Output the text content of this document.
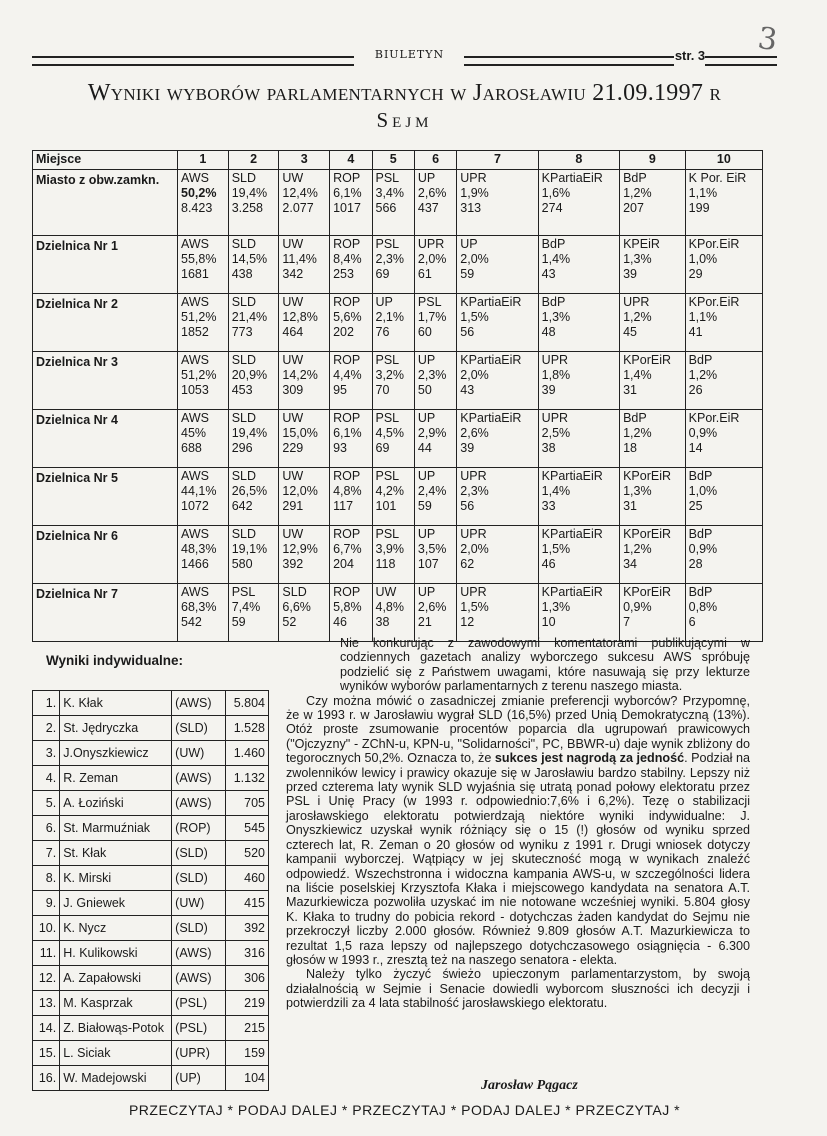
3
BIULETYN	str. 3
Wyniki wyborów parlamentarnych w Jarosławiu 21.09.1997 r
Sejm
Miejsce	1	2	3	4	5	6	7	8	9	10
Miasto z obw.zamkn.	AWS
50,2%
8.423	SLD
19,4%
3.258	UW
12,4%
2.077	ROP
6,1%
1017	PSL
3,4%
566	UP
2,6%
437	UPR
1,9%
313	KPartiaEiR
1,6%
274	BdP
1,2%
207	K Por. EiR
1,1%
199

Dzielnica Nr 1	AWS
55,8%
1681	SLD
14,5%
438	UW
11,4%
342	ROP
8,4%
253	PSL
2,3%
69	UPR
2,0%
61	UP
2,0%
59	BdP
1,4%
43	KPEiR
1,3%
39	KPor.EiR
1,0%
29

Dzielnica Nr 2	AWS
51,2%
1852	SLD
21,4%
773	UW
12,8%
464	ROP
5,6%
202	UP
2,1%
76	PSL
1,7%
60	KPartiaEiR
1,5%
56	BdP
1,3%
48	UPR
1,2%
45	KPor.EiR
1,1%
41

Dzielnica Nr 3	AWS
51,2%
1053	SLD
20,9%
453	UW
14,2%
309	ROP
4,4%
95	PSL
3,2%
70	UP
2,3%
50	KPartiaEiR
2,0%
43	UPR
1,8%
39	KPorEiR
1,4%
31	BdP
1,2%
26

Dzielnica Nr 4	AWS
45%
688	SLD
19,4%
296	UW
15,0%
229	ROP
6,1%
93	PSL
4,5%
69	UP
2,9%
44	KPartiaEiR
2,6%
39	UPR
2,5%
38	BdP
1,2%
18	KPor.EiR
0,9%
14

Dzielnica Nr 5	AWS
44,1%
1072	SLD
26,5%
642	UW
12,0%
291	ROP
4,8%
117	PSL
4,2%
101	UP
2,4%
59	UPR
2,3%
56	KPartiaEiR
1,4%
33	KPorEiR
1,3%
31	BdP
1,0%
25

Dzielnica Nr 6	AWS
48,3%
1466	SLD
19,1%
580	UW
12,9%
392	ROP
6,7%
204	PSL
3,9%
118	UP
3,5%
107	UPR
2,0%
62	KPartiaEiR
1,5%
46	KPorEiR
1,2%
34	BdP
0,9%
28

Dzielnica Nr 7	AWS
68,3%
542	PSL
7,4%
59	SLD
6,6%
52	ROP
5,8%
46	UW
4,8%
38	UP
2,6%
21	UPR
1,5%
12	KPartiaEiR
1,3%
10	KPorEiR
0,9%
7	BdP
0,8%
6
Wyniki indywidualne:
1.	K. Kłak	(AWS)	5.804
2.	St. Jędryczka	(SLD)	1.528
3.	J.Onyszkiewicz	(UW)	1.460
4.	R. Zeman	(AWS)	1.132
5.	A. Łoziński	(AWS)	705
6.	St. Marmuźniak	(ROP)	545
7.	St. Kłak	(SLD)	520
8.	K. Mirski	(SLD)	460
9.	J. Gniewek	(UW)	415
10.	K. Nycz	(SLD)	392
11.	H. Kulikowski	(AWS)	316
12.	A. Zapałowski	(AWS)	306
13.	M. Kasprzak	(PSL)	219
14.	Z. Białowąs-Potok	(PSL)	215
15.	L. Siciak	(UPR)	159
16.	W. Madejowski	(UP)	104

Nie konkurując z zawodowymi komentatorami publikującymi w codziennych gazetach analizy wyborczego sukcesu AWS spróbuję podzielić się z Państwem uwagami, które nasuwają się przy lekturze wyników wyborów parlamentarnych z terenu naszego miasta.

Czy można mówić o zasadniczej zmianie preferencji wyborców? Przypomnę, że w 1993 r. w Jarosławiu wygrał SLD (16,5%) przed Unią Demokratyczną (13%). Otóż proste zsumowanie procentów poparcia dla ugrupowań prawicowych ("Ojczyzny" - ZChN-u, KPN-u, "Solidarności", PC, BBWR-u) daje wynik zbliżony do tegorocznych 50,2%. Oznacza to, że sukces jest nagrodą za jedność. Podział na zwolenników lewicy i prawicy okazuje się w Jarosławiu bardzo stabilny. Lepszy niż przed czterema laty wynik SLD wyjaśnia się utratą ponad połowy elektoratu przez PSL i Unię Pracy (w 1993 r. odpowiednio:7,6% i 6,2%). Tezę o stabilizacji jarosławskiego elektoratu potwierdzają niektóre wyniki indywidualne: J. Onyszkiewicz uzyskał wynik różniący się o 15 (!) głosów od wyniku sprzed czterech lat, R. Zeman o 20 głosów od wyniku z 1991 r. Drugi wniosek dotyczy kampanii wyborczej. Wątpiący w jej skuteczność mogą w wynikach znaleźć odpowiedź. Wszechstronna i widoczna kampania AWS-u, w szczególności lidera na liście poselskiej Krzysztofa Kłaka i miejscowego kandydata na senatora A.T. Mazurkiewicza pozwoliła uzyskać im nie notowane wcześniej wyniki. 5.804 głosy K. Kłaka to trudny do pobicia rekord - dotychczas żaden kandydat do Sejmu nie przekroczył liczby 2.000 głosów. Również 9.809 głosów A.T. Mazurkiewicza to rezultat 1,5 raza lepszy od najlepszego dotychczasowego osiągnięcia - 6.300 głosów w 1993 r., zresztą też na naszego senatora - elekta.

Należy tylko życzyć świeżo upieczonym parlamentarzystom, by swoją działalnością w Sejmie i Senacie dowiedli wyborcom słuszności ich decyzji i potwierdzili za 4 lata stabilność jarosławskiego elektoratu.

Jarosław Pągacz
PRZECZYTAJ * PODAJ DALEJ * PRZECZYTAJ * PODAJ DALEJ * PRZECZYTAJ *
